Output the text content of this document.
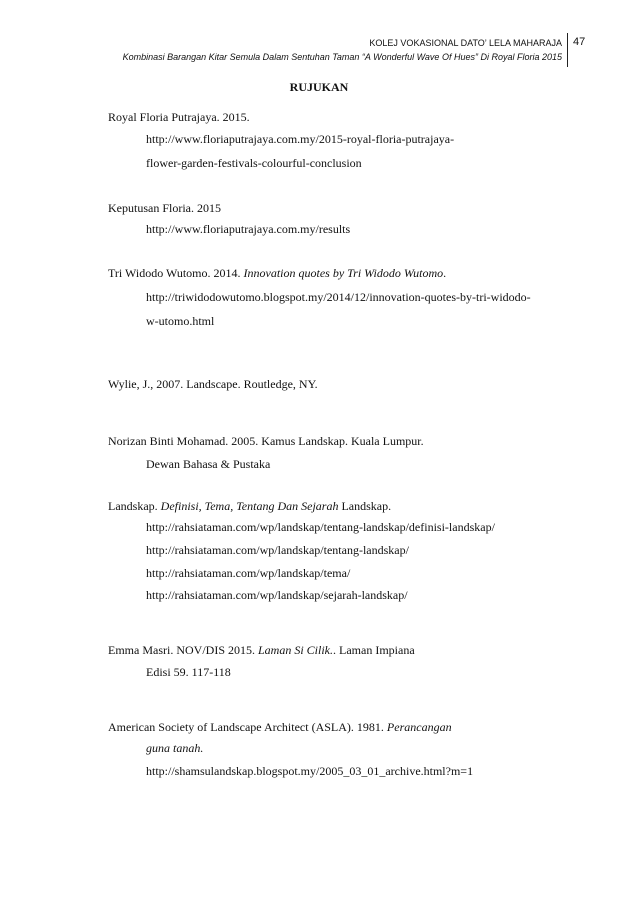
KOLEJ VOKASIONAL DATO’ LELA MAHARAJA
Kombinasi Barangan Kitar Semula Dalam Sentuhan Taman “A Wonderful Wave Of Hues” Di Royal Floria 2015
47
RUJUKAN
Royal Floria Putrajaya. 2015.
http://www.floriaputrajaya.com.my/2015-royal-floria-putrajaya-
flower-garden-festivals-colourful-conclusion
Keputusan Floria. 2015
http://www.floriaputrajaya.com.my/results
Tri Widodo Wutomo. 2014. Innovation quotes by Tri Widodo Wutomo.
http://triwidodowutomo.blogspot.my/2014/12/innovation-quotes-by-tri-widodo-
w-utomo.html
Wylie, J., 2007. Landscape. Routledge, NY.
Norizan Binti Mohamad. 2005. Kamus Landskap. Kuala Lumpur.
Dewan Bahasa & Pustaka
Landskap. Definisi, Tema, Tentang Dan Sejarah Landskap.
http://rahsiataman.com/wp/landskap/tentang-landskap/definisi-landskap/
http://rahsiataman.com/wp/landskap/tentang-landskap/
http://rahsiataman.com/wp/landskap/tema/
http://rahsiataman.com/wp/landskap/sejarah-landskap/
Emma Masri. NOV/DIS 2015. Laman Si Cilik.. Laman Impiana
Edisi 59. 117-118
American Society of Landscape Architect (ASLA). 1981. Perancangan
guna tanah.
http://shamsulandskap.blogspot.my/2005_03_01_archive.html?m=1
